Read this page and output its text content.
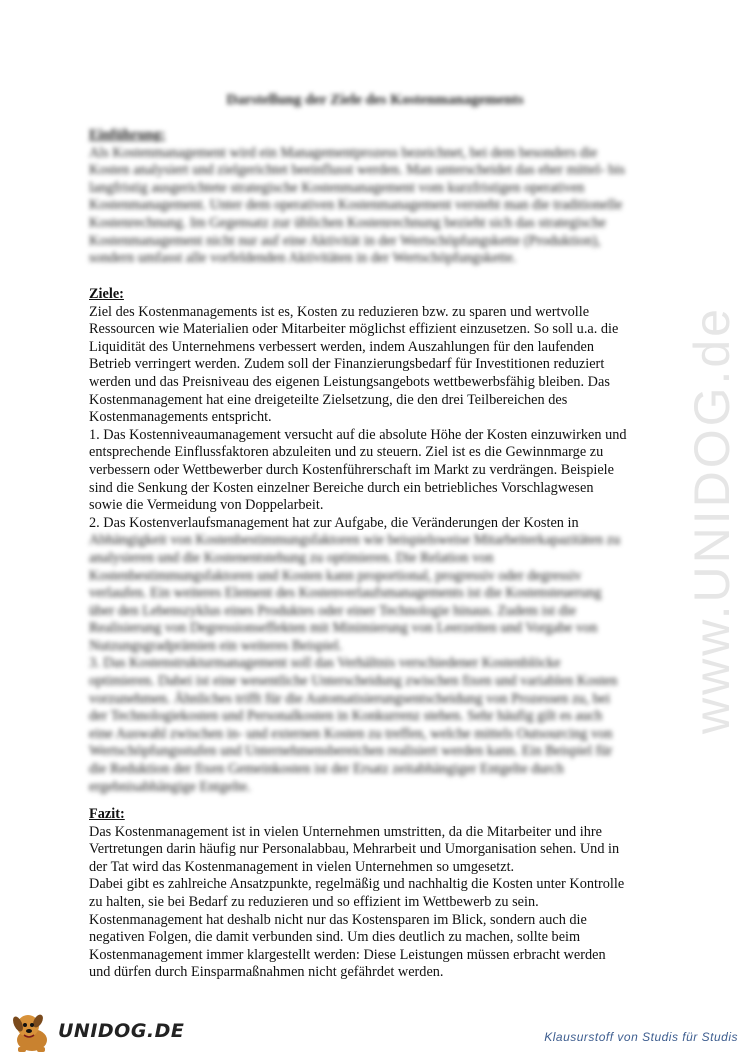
www.UNIDOG.de
Darstellung der Ziele des Kostenmanagements
Einführung:

Als Kostenmanagement wird ein Managementprozess bezeichnet, bei dem besonders die

Kosten analysiert und zielgerichtet beeinflusst werden. Man unterscheidet das eher mittel- bis

langfristig ausgerichtete strategische Kostenmanagement vom kurzfristigen operativen

Kostenmanagement. Unter dem operativen Kostenmanagement versteht man die traditionelle

Kostenrechnung. Im Gegensatz zur üblichen Kostenrechnung bezieht sich das strategische

Kostenmanagement nicht nur auf eine Aktivität in der Wertschöpfungskette (Produktion),

sondern umfasst alle vorfeldenden Aktivitäten in der Wertschöpfungskette.

Ziele:

Ziel des Kostenmanagements ist es, Kosten zu reduzieren bzw. zu sparen und wertvolle

Ressourcen wie Materialien oder Mitarbeiter möglichst effizient einzusetzen. So soll u.a. die

Liquidität des Unternehmens verbessert werden, indem Auszahlungen für den laufenden

Betrieb verringert werden. Zudem soll der Finanzierungsbedarf für Investitionen reduziert

werden und das Preisniveau des eigenen Leistungsangebots wettbewerbsfähig bleiben. Das

Kostenmanagement hat eine dreigeteilte Zielsetzung, die den drei Teilbereichen des

Kostenmanagements entspricht.

1. Das Kostenniveaumanagement versucht auf die absolute Höhe der Kosten einzuwirken und

entsprechende Einflussfaktoren abzuleiten und zu steuern. Ziel ist es die Gewinnmarge zu

verbessern oder Wettbewerber durch Kostenführerschaft im Markt zu verdrängen. Beispiele

sind die Senkung der Kosten einzelner Bereiche durch ein betriebliches Vorschlagwesen

sowie die Vermeidung von Doppelarbeit.

2. Das Kostenverlaufsmanagement hat zur Aufgabe, die Veränderungen der Kosten in

Abhängigkeit von Kostenbestimmungsfaktoren wie beispielsweise Mitarbeiterkapazitäten zu

analysieren und die Kostenentstehung zu optimieren. Die Relation von

Kostenbestimmungsfaktoren und Kosten kann proportional, progressiv oder degressiv

verlaufen. Ein weiteres Element des Kostenverlaufsmanagements ist die Kostensteuerung

über den Lebenszyklus eines Produktes oder einer Technologie hinaus. Zudem ist die

Realisierung von Degressionseffekten mit Minimierung von Leerzeiten und Vorgabe von

Nutzungsgradprämien ein weiteres Beispiel.

3. Das Kostenstrukturmanagement soll das Verhältnis verschiedener Kostenblöcke

optimieren. Dabei ist eine wesentliche Unterscheidung zwischen fixen und variablen Kosten

vorzunehmen. Ähnliches trifft für die Automatisierungsentscheidung von Prozessen zu, bei

der Technologiekosten und Personalkosten in Konkurrenz stehen. Sehr häufig gilt es auch

eine Auswahl zwischen in- und externen Kosten zu treffen, welche mittels Outsourcing von

Wertschöpfungsstufen und Unternehmensbereichen realisiert werden kann. Ein Beispiel für

die Reduktion der fixen Gemeinkosten ist der Ersatz zeitabhängiger Entgelte durch

ergebnisabhängige Entgelte.

Fazit:

Das Kostenmanagement ist in vielen Unternehmen umstritten, da die Mitarbeiter und ihre

Vertretungen darin häufig nur Personalabbau, Mehrarbeit und Umorganisation sehen. Und in

der Tat wird das Kostenmanagement in vielen Unternehmen so umgesetzt.

Dabei gibt es zahlreiche Ansatzpunkte, regelmäßig und nachhaltig die Kosten unter Kontrolle

zu halten, sie bei Bedarf zu reduzieren und so effizient im Wettbewerb zu sein.

Kostenmanagement hat deshalb nicht nur das Kostensparen im Blick, sondern auch die

negativen Folgen, die damit verbunden sind. Um dies deutlich zu machen, sollte beim

Kostenmanagement immer klargestellt werden: Diese Leistungen müssen erbracht werden

und dürfen durch Einsparmaßnahmen nicht gefährdet werden.

UNIDOG.DE	Klausurstoff von Studis für Studis
